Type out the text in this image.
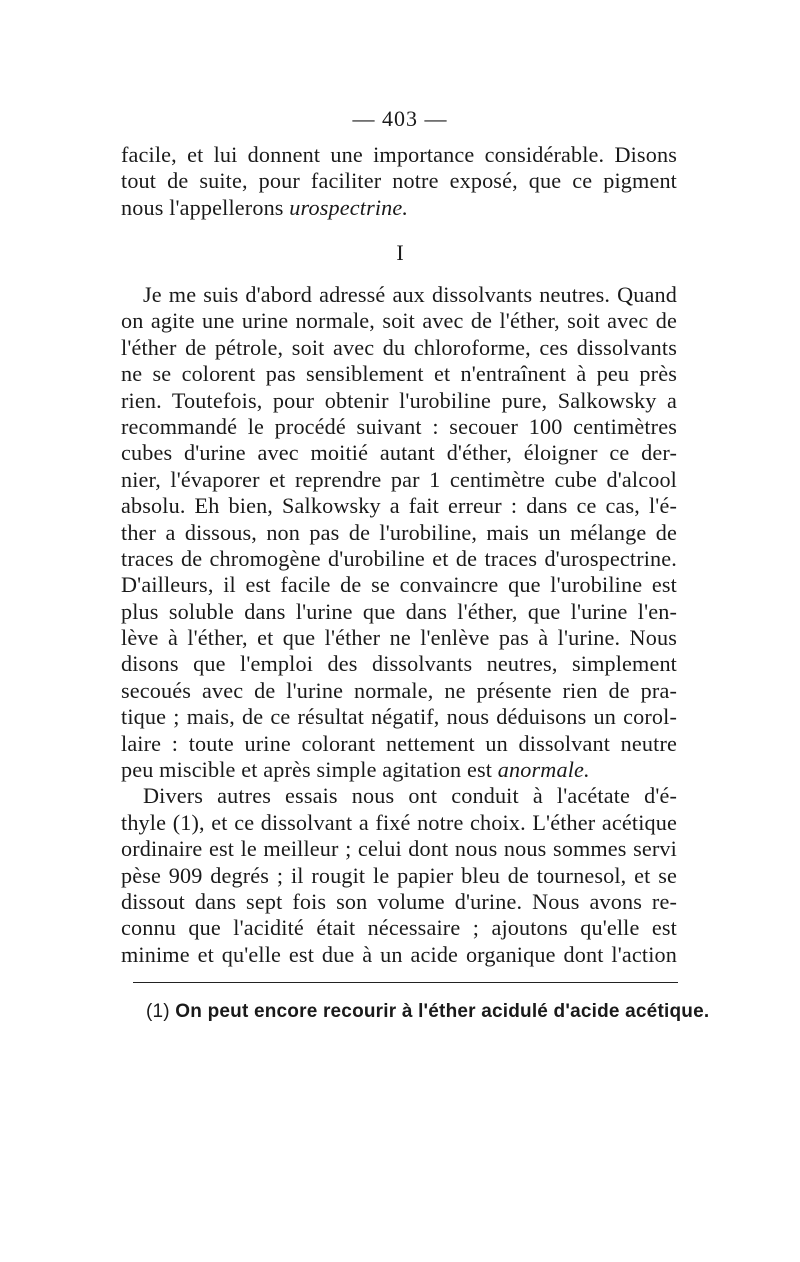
— 403 —
facile, et lui donnent une importance considérable. Disons
tout de suite, pour faciliter notre exposé, que ce pigment
nous l'appellerons urospectrine.
I
Je me suis d'abord adressé aux dissolvants neutres. Quand
on agite une urine normale, soit avec de l'éther, soit avec de
l'éther de pétrole, soit avec du chloroforme, ces dissolvants
ne se colorent pas sensiblement et n'entraînent à peu près
rien. Toutefois, pour obtenir l'urobiline pure, Salkowsky a
recommandé le procédé suivant : secouer 100 centimètres
cubes d'urine avec moitié autant d'éther, éloigner ce der-
nier, l'évaporer et reprendre par 1 centimètre cube d'alcool
absolu. Eh bien, Salkowsky a fait erreur : dans ce cas, l'é-
ther a dissous, non pas de l'urobiline, mais un mélange de
traces de chromogène d'urobiline et de traces d'urospectrine.
D'ailleurs, il est facile de se convaincre que l'urobiline est
plus soluble dans l'urine que dans l'éther, que l'urine l'en-
lève à l'éther, et que l'éther ne l'enlève pas à l'urine. Nous
disons que l'emploi des dissolvants neutres, simplement
secoués avec de l'urine normale, ne présente rien de pra-
tique ; mais, de ce résultat négatif, nous déduisons un corol-
laire : toute urine colorant nettement un dissolvant neutre
peu miscible et après simple agitation est anormale.
Divers autres essais nous ont conduit à l'acétate d'é-
thyle (1), et ce dissolvant a fixé notre choix. L'éther acétique
ordinaire est le meilleur ; celui dont nous nous sommes servi
pèse 909 degrés ; il rougit le papier bleu de tournesol, et se
dissout dans sept fois son volume d'urine. Nous avons re-
connu que l'acidité était nécessaire ; ajoutons qu'elle est
minime et qu'elle est due à un acide organique dont l'action
(1) On peut encore recourir à l'éther acidulé d'acide acétique.
